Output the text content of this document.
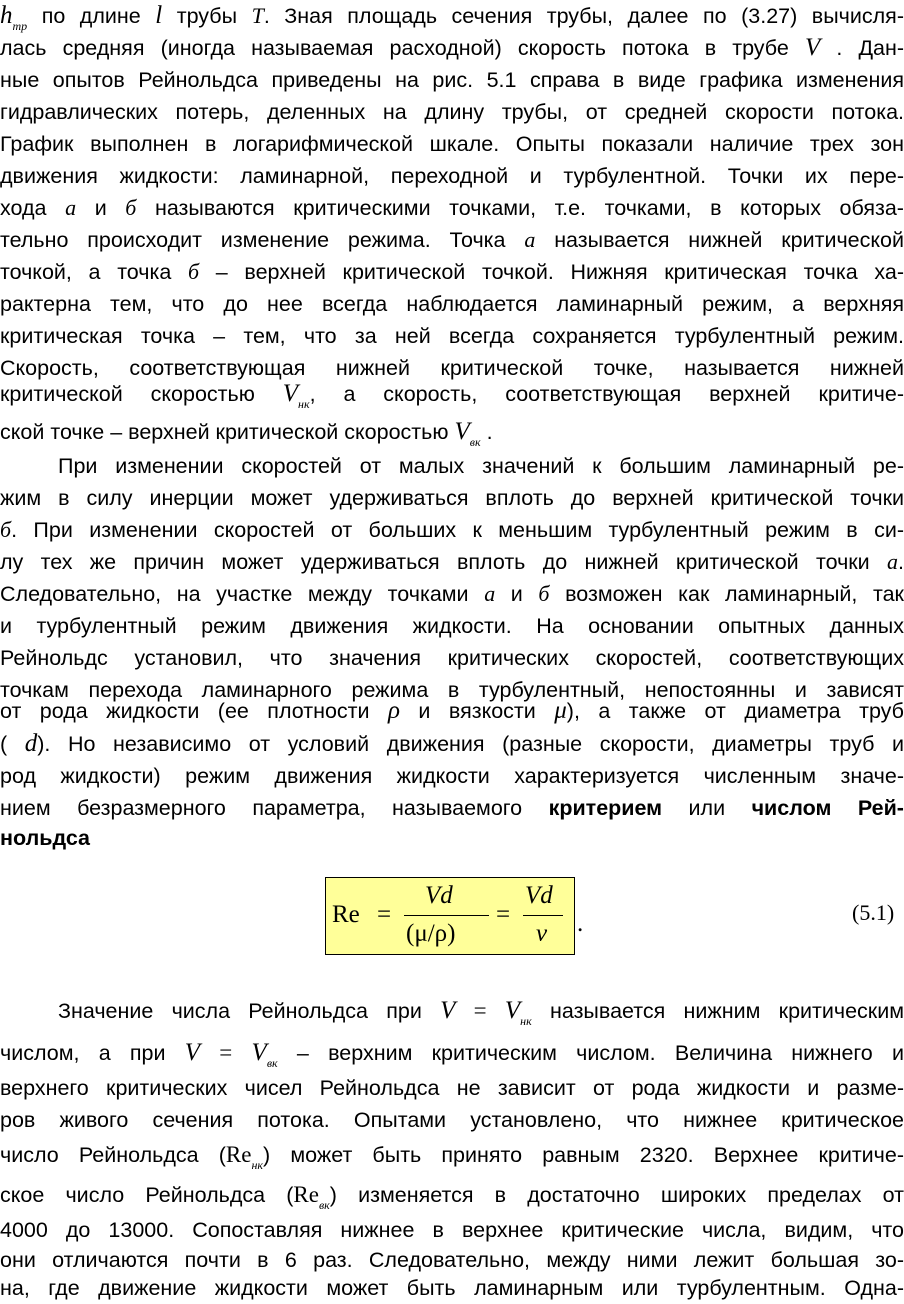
$h_{тр}$ по длине l трубы T. Зная площадь сечения трубы, далее по (3.27) вычисля-
лась средняя (иногда называемая расходной) скорость потока в трубе V . Дан-
ные опытов Рейнольдса приведены на рис. 5.1 справа в виде графика изменения
гидравлических потерь, деленных на длину трубы, от средней скорости потока.
График выполнен в логарифмической шкале. Опыты показали наличие трех зон
движения жидкости: ламинарной, переходной и турбулентной. Точки их пере-
хода а и б называются критическими точками, т.е. точками, в которых обяза-
тельно происходит изменение режима. Точка а называется нижней критической
точкой, а точка б – верхней критической точкой. Нижняя критическая точка ха-
рактерна тем, что до нее всегда наблюдается ламинарный режим, а верхняя
критическая точка – тем, что за ней всегда сохраняется турбулентный режим.
Скорость, соответствующая нижней критической точке, называется нижней
критической скоростью $V_{нк}$, а скорость, соответствующая верхней критиче-
ской точке – верхней критической скоростью $V_{вк}$ .
При изменении скоростей от малых значений к большим ламинарный ре-
жим в силу инерции может удерживаться вплоть до верхней критической точки
б. При изменении скоростей от больших к меньшим турбулентный режим в си-
лу тех же причин может удерживаться вплоть до нижней критической точки а.
Следовательно, на участке между точками а и б возможен как ламинарный, так
и турбулентный режим движения жидкости. На основании опытных данных
Рейнольдс установил, что значения критических скоростей, соответствующих
точкам перехода ламинарного режима в турбулентный, непостоянны и зависят
от рода жидкости (ее плотности ρ и вязкости μ), а также от диаметра труб
( d). Но независимо от условий движения (разные скорости, диаметры труб и
род жидкости) режим движения жидкости характеризуется численным значе-
нием безразмерного параметра, называемого критерием или числом Рей-
нольдса
Re =
Vd
(μ/ρ)
=
Vd
ν .	(5.1)
Значение числа Рейнольдса при $V = V_{нк}$ называется нижним критическим
числом, а при $V = V_{вк}$ – верхним критическим числом. Величина нижнего и
верхнего критических чисел Рейнольдса не зависит от рода жидкости и разме-
ров живого сечения потока. Опытами установлено, что нижнее критическое
число Рейнольдса $(Re_{нк})$ может быть принято равным 2320. Верхнее критиче-
ское число Рейнольдса $(Re_{вк})$ изменяется в достаточно широких пределах от
4000 до 13000. Сопоставляя нижнее в верхнее критические числа, видим, что
они отличаются почти в 6 раз. Следовательно, между ними лежит большая зо-
на, где движение жидкости может быть ламинарным или турбулентным. Одна-
